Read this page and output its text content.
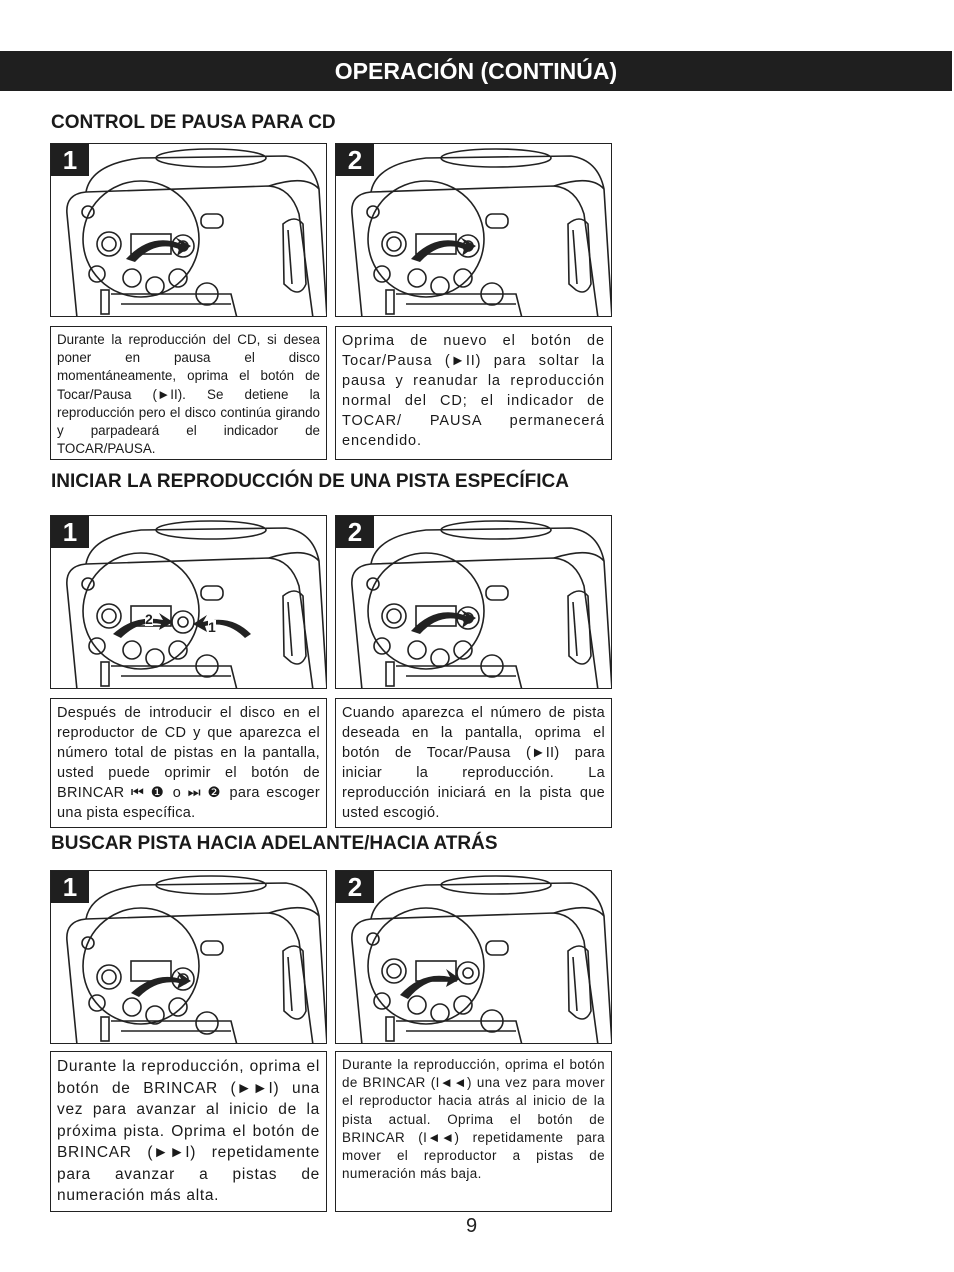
OPERACIÓN (CONTINÚA)
CONTROL DE PAUSA PARA CD
1	2
Durante la reproducción del CD, si desea poner en pausa el disco momentáneamente, oprima el botón de Tocar/Pausa (►II). Se detiene la reproducción pero el disco continúa girando y parpadeará el indicador de TOCAR/PAUSA.
Oprima de nuevo el botón de Tocar/Pausa (►II) para soltar la pausa y reanudar la reproducción normal del CD; el indicador de TOCAR/ PAUSA permanecerá encendido.
INICIAR LA REPRODUCCIÓN DE UNA PISTA ESPECÍFICA
1
2	1
2
Después de introducir el disco en el reproductor de CD y que aparezca el número total de pistas en la pantalla, usted puede oprimir el botón de BRINCAR ⏮ ❶ o ⏭ ❷ para escoger una pista específica.
Cuando aparezca el número de pista deseada en la pantalla, oprima el botón de Tocar/Pausa (►II) para iniciar la reproducción. La reproducción iniciará en la pista que usted escogió.
BUSCAR PISTA HACIA ADELANTE/HACIA ATRÁS
1	2
Durante la reproducción, oprima el botón de BRINCAR (►►I) una vez para avanzar al inicio de la próxima pista. Oprima el botón de BRINCAR (►►I) repetidamente para avanzar a pistas de numeración más alta.
Durante la reproducción, oprima el botón de BRINCAR (I◄◄) una vez para mover el reproductor hacia atrás al inicio de la pista actual. Oprima el botón de BRINCAR (I◄◄) repetidamente para mover el reproductor a pistas de numeración más baja.
9
